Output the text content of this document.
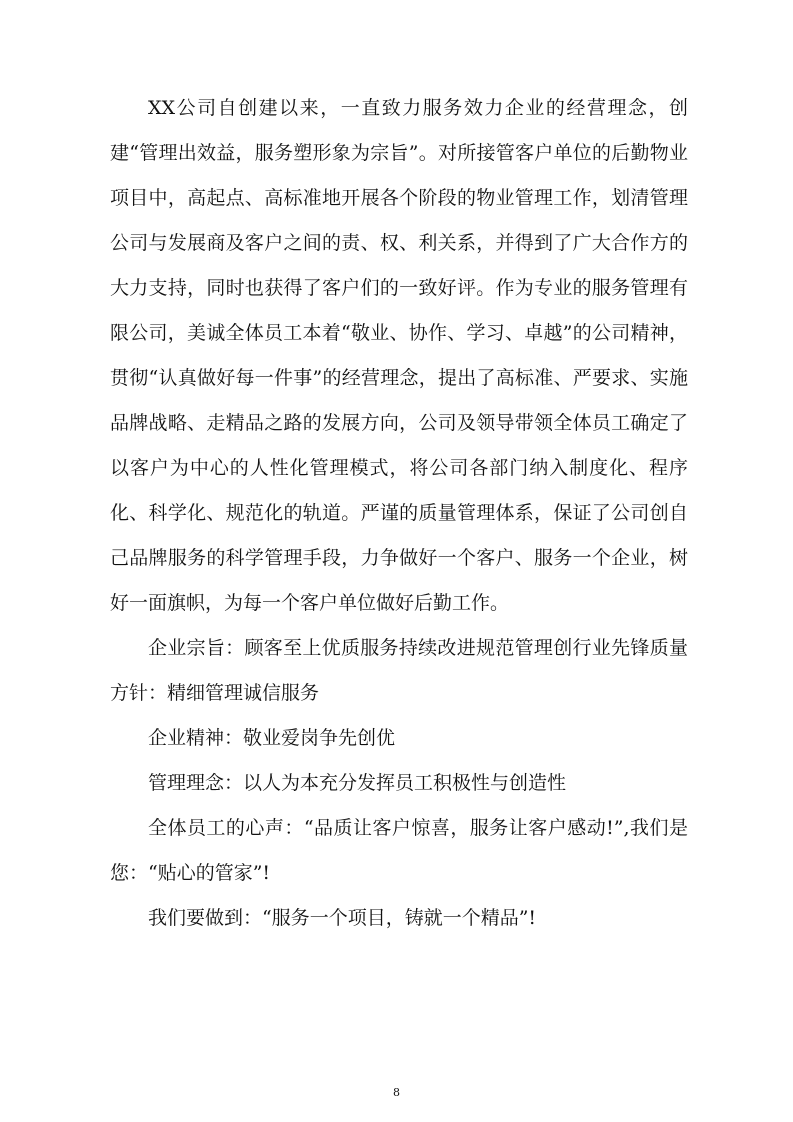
XX公司自创建以来，一直致力服务效力企业的经营理念，创建“管理出效益，服务塑形象为宗旨”。对所接管客户单位的后勤物业项目中，高起点、高标准地开展各个阶段的物业管理工作，划清管理公司与发展商及客户之间的责、权、利关系，并得到了广大合作方的大力支持，同时也获得了客户们的一致好评。作为专业的服务管理有限公司，美诚全体员工本着“敬业、协作、学习、卓越”的公司精神，贯彻“认真做好每一件事”的经营理念，提出了高标准、严要求、实施品牌战略、走精品之路的发展方向，公司及领导带领全体员工确定了以客户为中心的人性化管理模式，将公司各部门纳入制度化、程序化、科学化、规范化的轨道。严谨的质量管理体系，保证了公司创自己品牌服务的科学管理手段，力争做好一个客户、服务一个企业，树好一面旗帜，为每一个客户单位做好后勤工作。

企业宗旨：顾客至上优质服务持续改进规范管理创行业先锋质量方针：精细管理诚信服务

企业精神：敬业爱岗争先创优

管理理念：以人为本充分发挥员工积极性与创造性

全体员工的心声：“品质让客户惊喜，服务让客户感动!”,我们是您：“贴心的管家”!

我们要做到：“服务一个项目，铸就一个精品”!

8
